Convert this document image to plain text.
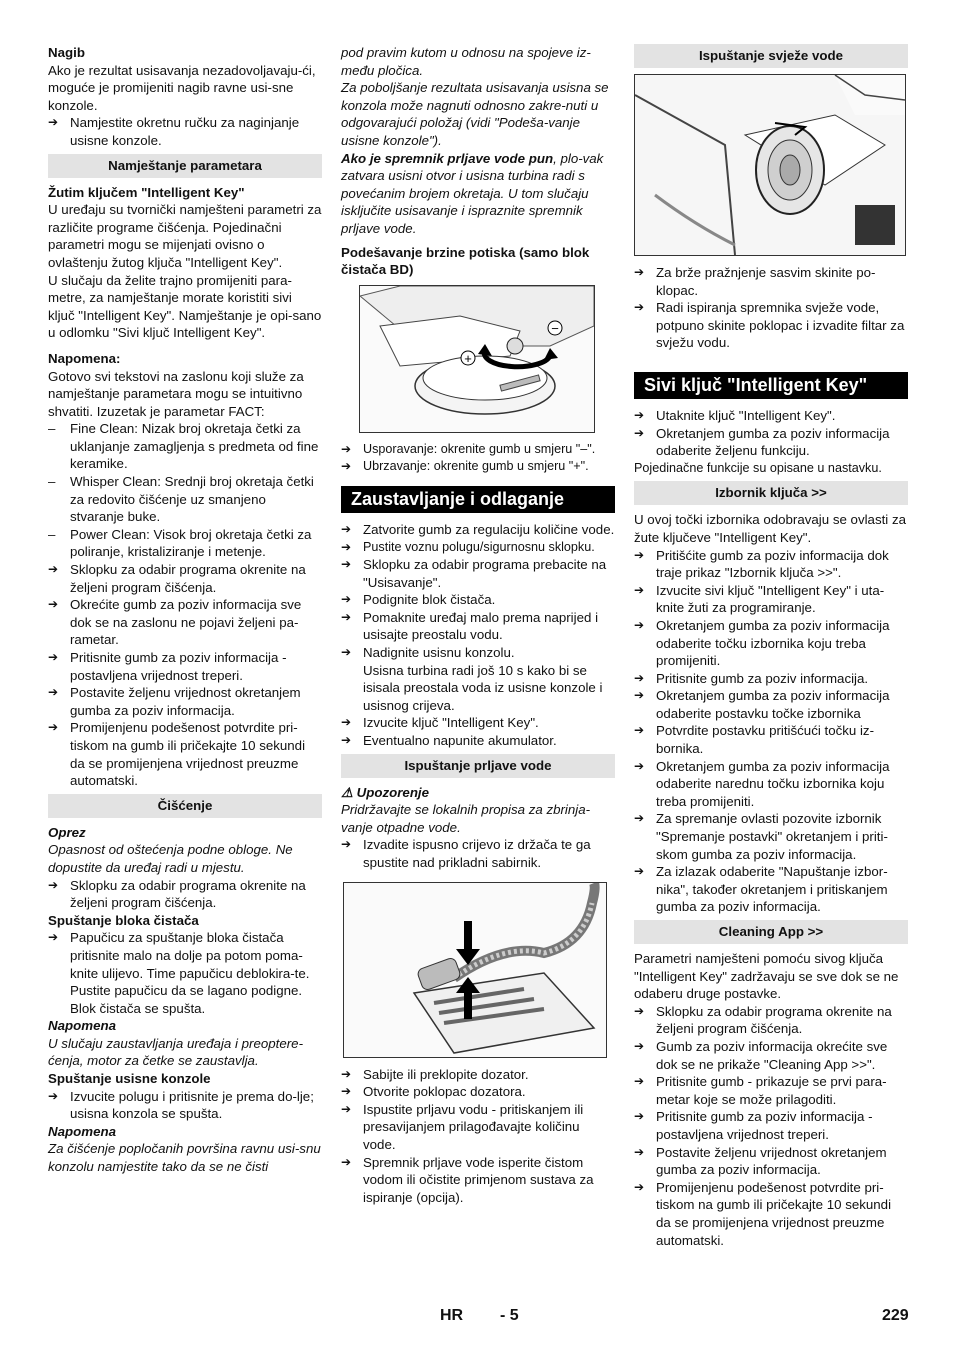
Nagib

Ako je rezultat usisavanja nezadovoljavaju-ći, moguće je promijeniti nagib ravne usi-sne konzole.

➔ Namjestite okretnu ručku za naginjanje usisne konzole.
Namještanje parametara

Žutim ključem "Intelligent Key"

U uređaju su tvornički namješteni parametri za različite programe čišćenja. Pojedinačni parametri mogu se mijenjati ovisno o ovlaštenju žutog ključa "Intelligent Key".

U slučaju da želite trajno promijeniti para-metre, za namještanje morate koristiti sivi ključ "Intelligent Key". Namještanje je opi-sano u odlomku "Sivi ključ Intelligent Key".

Napomena:

Gotovo svi tekstovi na zaslonu koji služe za namještanje parametara mogu se intuitivno shvatiti. Izuzetak je parametar FACT:

–	Fine Clean: Nizak broj okretaja četki za uklanjanje zamagljenja s predmeta od fine keramike.
–	Whisper Clean: Srednji broj okretaja četki za redovito čišćenje uz smanjeno stvaranje buke.
–	Power Clean: Visok broj okretaja četki za poliranje, kristaliziranje i metenje.
➔ Sklopku za odabir programa okrenite na željeni program čišćenja.
➔ Okrećite gumb za poziv informacija sve dok se na zaslonu ne pojavi željeni pa-rametar.
➔ Pritisnite gumb za poziv informacija - postavljena vrijednost treperi.
➔ Postavite željenu vrijednost okretanjem gumba za poziv informacija.
➔ Promijenjenu podešenost potvrdite pri-tiskom na gumb ili pričekajte 10 sekundi da se promijenjena vrijednost preuzme automatski.
Čišćenje

Oprez

Opasnost od oštećenja podne obloge. Ne dopustite da uređaj radi u mjestu.

➔ Sklopku za odabir programa okrenite na željeni program čišćenja.

Spuštanje bloka čistača

➔ Papučicu za spuštanje bloka čistača pritisnite malo na dolje pa potom poma-knite ulijevo. Time papučicu deblokira-te. Pustite papučicu da se lagano podigne.

Blok čistača se spušta.

Napomena

U slučaju zaustavljanja uređaja i preoptere-ćenja, motor za četke se zaustavlja.

Spuštanje usisne konzole

➔ Izvucite polugu i pritisnite je prema do-lje; usisna konzola se spušta.

Napomena

Za čišćenje popločanih površina ravnu usi-snu konzolu namjestite tako da se ne čisti

pod pravim kutom u odnosu na spojeve iz-među pločica.

Za poboljšanje rezultata usisavanja usisna se konzola može nagnuti odnosno zakre-nuti u odgovarajući položaj (vidi "Podeša-vanje usisne konzole").

Ako je spremnik prljave vode pun, plo-vak zatvara usisni otvor i usisna turbina radi s povećanim brojem okretaja. U tom slučaju isključite usisavanje i ispraznite spremnik prljave vode.

Podešavanje brzine potiska (samo blok čistača BD)

+
−
➔ Usporavanje: okrenite gumb u smjeru "–".
➔ Ubrzavanje: okrenite gumb u smjeru "+".
Zaustavljanje i odlaganje
➔ Zatvorite gumb za regulaciju količine vode.
➔ Pustite voznu polugu/sigurnosnu sklopku.
➔ Sklopku za odabir programa prebacite na "Usisavanje".
➔ Podignite blok čistača.
➔ Pomaknite uređaj malo prema naprijed i usisajte preostalu vodu.
➔ Nadignite usisnu konzolu.

Usisna turbina radi još 10 s kako bi se isisala preostala voda iz usisne konzole i usisnog crijeva.

➔ Izvucite ključ "Intelligent Key".
➔ Eventualno napunite akumulator.
Ispuštanje prljave vode

⚠ Upozorenje

Pridržavajte se lokalnih propisa za zbrinja-vanje otpadne vode.

➔ Izvadite ispusno crijevo iz držača te ga spustite nad prikladni sabirnik.
➔ Sabijte ili preklopite dozator.
➔ Otvorite poklopac dozatora.
➔ Ispustite prljavu vodu - pritiskanjem ili presavijanjem prilagođavajte količinu vode.
➔ Spremnik prljave vode isperite čistom vodom ili očistite primjenom sustava za ispiranje (opcija).
Ispuštanje svježe vode
➔ Za brže pražnjenje sasvim skinite po-klopac.
➔ Radi ispiranja spremnika svježe vode, potpuno skinite poklopac i izvadite filtar za svježu vodu.
Sivi ključ "Intelligent Key"
➔ Utaknite ključ "Intelligent Key".
➔ Okretanjem gumba za poziv informacija odaberite željenu funkciju.

Pojedinačne funkcije su opisane u nastavku.

Izbornik ključa >>

U ovoj točki izbornika odobravaju se ovlasti za žute ključeve "Intelligent Key".

➔ Pritišćite gumb za poziv informacija dok traje prikaz "Izbornik ključa >>".
➔ Izvucite sivi ključ "Intelligent Key" i uta-knite žuti za programiranje.
➔ Okretanjem gumba za poziv informacija odaberite točku izbornika koju treba promijeniti.
➔ Pritisnite gumb za poziv informacija.
➔ Okretanjem gumba za poziv informacija odaberite postavku točke izbornika
➔ Potvrdite postavku pritišćući točku iz-bornika.
➔ Okretanjem gumba za poziv informacija odaberite narednu točku izbornika koju treba promijeniti.
➔ Za spremanje ovlasti pozovite izbornik "Spremanje postavki" okretanjem i priti-skom gumba za poziv informacija.
➔ Za izlazak odaberite "Napuštanje izbor-nika", također okretanjem i pritiskanjem gumba za poziv informacija.
Cleaning App >>

Parametri namješteni pomoću sivog ključa "Intelligent Key" zadržavaju se sve dok se ne odaberu druge postavke.

➔ Sklopku za odabir programa okrenite na željeni program čišćenja.
➔ Gumb za poziv informacija okrećite sve dok se ne prikaže "Cleaning App >>".
➔ Pritisnite gumb - prikazuje se prvi para-metar koje se može prilagoditi.
➔ Pritisnite gumb za poziv informacija - postavljena vrijednost treperi.
➔ Postavite željenu vrijednost okretanjem gumba za poziv informacija.
➔ Promijenjenu podešenost potvrdite pri-tiskom na gumb ili pričekajte 10 sekundi da se promijenjena vrijednost preuzme automatski.
HR - 5	229
